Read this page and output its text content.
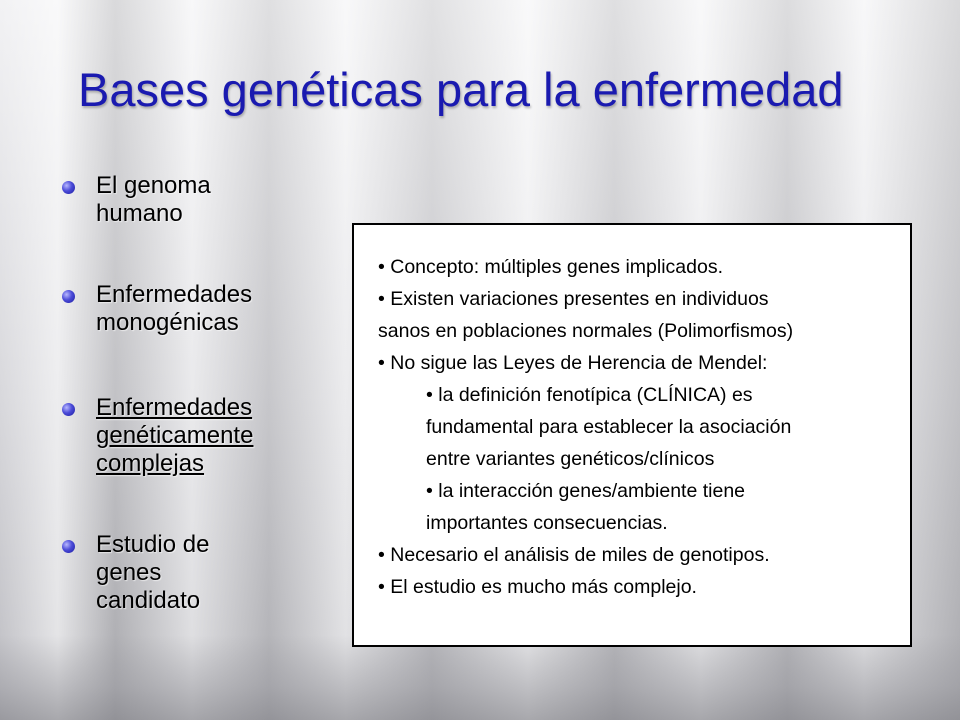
Bases genéticas para la enfermedad
El genoma
humano
Enfermedades
monogénicas
Enfermedades
genéticamente
complejas
Estudio de
genes
candidato
• Concepto: múltiples genes implicados.
• Existen variaciones presentes en individuos
sanos en poblaciones normales (Polimorfismos)
• No sigue las Leyes de Herencia de Mendel:
• la definición fenotípica (CLÍNICA) es
fundamental para establecer la asociación
entre variantes genéticos/clínicos
• la interacción genes/ambiente tiene
importantes consecuencias.
• Necesario el análisis de miles de genotipos.
• El estudio es mucho más complejo.
